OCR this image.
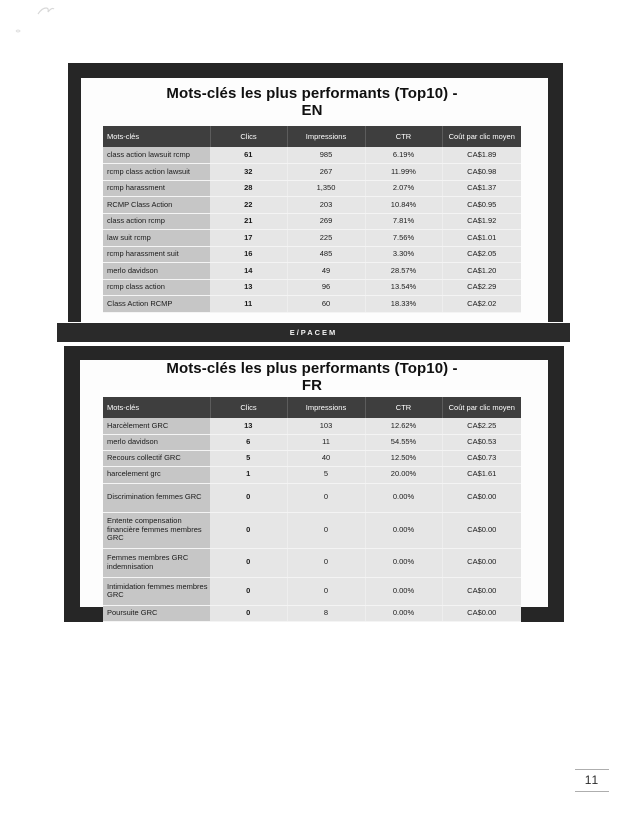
Mots-clés les plus performants (Top10) -
EN
Mots-clés	Clics	Impressions	CTR	Coût par clic moyen
class action lawsuit rcmp	61	985	6.19%	CA$1.89
rcmp class action lawsuit	32	267	11.99%	CA$0.98
rcmp harassment	28	1,350	2.07%	CA$1.37
RCMP Class Action	22	203	10.84%	CA$0.95
class action rcmp	21	269	7.81%	CA$1.92
law suit rcmp	17	225	7.56%	CA$1.01
rcmp harassment suit	16	485	3.30%	CA$2.05
merlo davidson	14	49	28.57%	CA$1.20
rcmp class action	13	96	13.54%	CA$2.29
Class Action RCMP	11	60	18.33%	CA$2.02
E/PACEM
Mots-clés les plus performants (Top10) -
FR
Mots-clés	Clics	Impressions	CTR	Coût par clic moyen
Harcèlement GRC	13	103	12.62%	CA$2.25
merlo davidson	6	11	54.55%	CA$0.53
Recours collectif GRC	5	40	12.50%	CA$0.73
harcelement grc	1	5	20.00%	CA$1.61
Discrimination femmes GRC	0	0	0.00%	CA$0.00
Entente compensation financière femmes membres GRC	0	0	0.00%	CA$0.00
Femmes membres GRC indemnisation	0	0	0.00%	CA$0.00
Intimidation femmes membres GRC	0	0	0.00%	CA$0.00
Poursuite GRC	0	8	0.00%	CA$0.00
11
